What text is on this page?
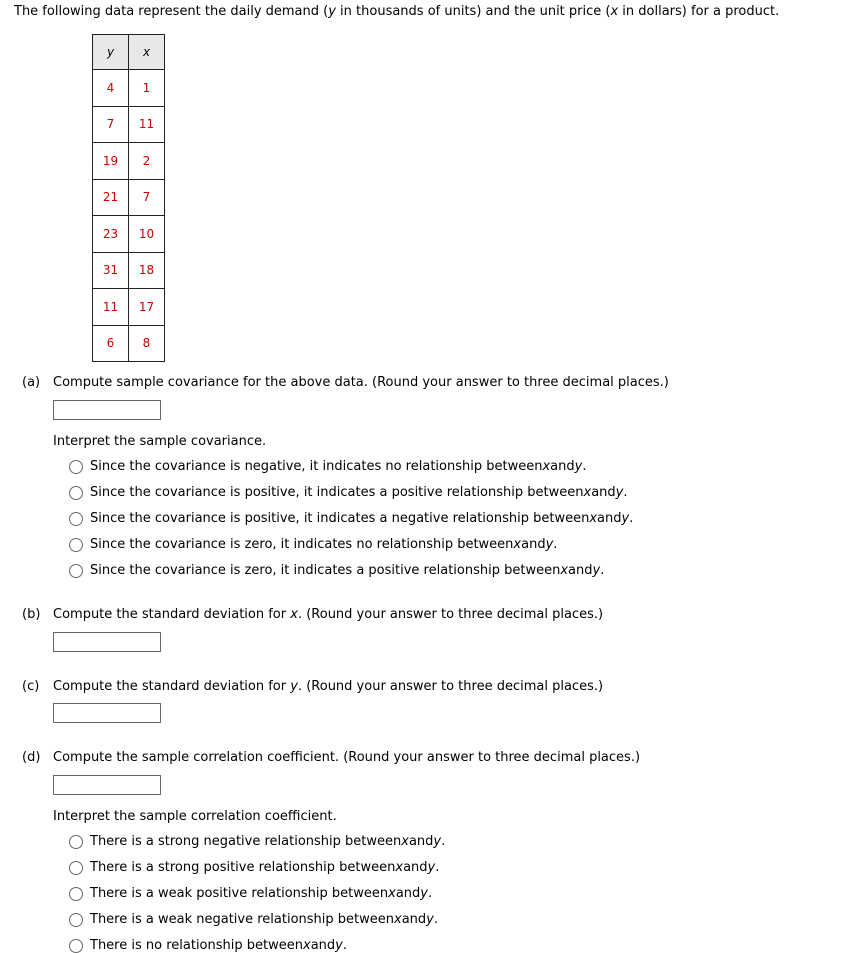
The following data represent the daily demand (y in thousands of units) and the unit price (x in dollars) for a product.
y	x
4	1
7	11
19	2
21	7
23	10
31	18
11	17
6	8
(a) Compute sample covariance for the above data. (Round your answer to three decimal places.)
Interpret the sample covariance.
Since the covariance is negative, it indicates no relationship between x and y .
Since the covariance is positive, it indicates a positive relationship between x and y .
Since the covariance is positive, it indicates a negative relationship between x and y .
Since the covariance is zero, it indicates no relationship between x and y .
Since the covariance is zero, it indicates a positive relationship between x and y .
(b) Compute the standard deviation for x. (Round your answer to three decimal places.)
(c) Compute the standard deviation for y. (Round your answer to three decimal places.)
(d) Compute the sample correlation coefficient. (Round your answer to three decimal places.)
Interpret the sample correlation coefficient.
There is a strong negative relationship between x and y .
There is a strong positive relationship between x and y .
There is a weak positive relationship between x and y .
There is a weak negative relationship between x and y .
There is no relationship between x and y .
